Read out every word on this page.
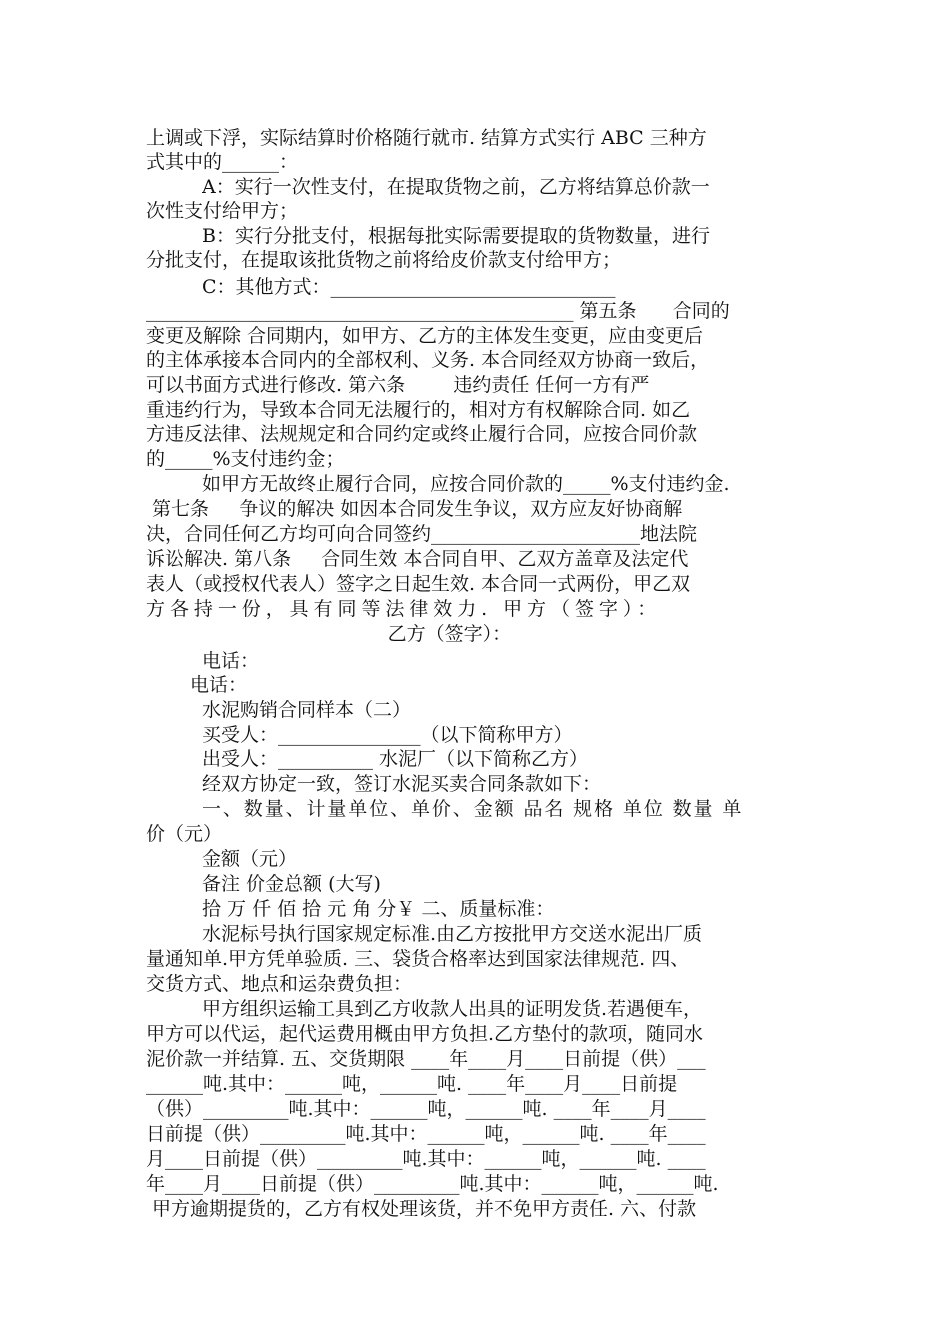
上调或下浮，实际结算时价格随行就市. 结算方式实行 ABC 三种方
式其中的______：
A：实行一次性支付，在提取货物之前，乙方将结算总价款一
次性支付给甲方；
B：实行分批支付，根据每批实际需要提取的货物数量，进行
分批支付，在提取该批货物之前将给皮价款支付给甲方；
C：其他方式：______________________________
_____________________________________________ 第五条      合同的
变更及解除 合同期内，如甲方、乙方的主体发生变更，应由变更后
的主体承接本合同内的全部权利、义务. 本合同经双方协商一致后，
可以书面方式进行修改. 第六条        违约责任 任何一方有严
重违约行为，导致本合同无法履行的，相对方有权解除合同. 如乙
方违反法律、法规规定和合同约定或终止履行合同，应按合同价款
的_____%支付违约金；
如甲方无故终止履行合同，应按合同价款的_____%支付违约金.
第七条     争议的解决 如因本合同发生争议，双方应友好协商解
决，合同任何乙方均可向合同签约______________________地法院
诉讼解决. 第八条     合同生效 本合同自甲、乙双方盖章及法定代
表人（或授权代表人）签字之日起生效. 本合同一式两份，甲乙双
方各持一份，具有同等法律效力. 甲方（签字）：
乙方（签字）：
电话：
电话：
水泥购销合同样本（二）
买受人：_______________（以下简称甲方）
出受人：__________ 水泥厂（以下简称乙方）
经双方协定一致，签订水泥买卖合同条款如下：
一、数量、计量单位、单价、金额 品名 规格 单位 数量 单
价（元）
金额（元）
备注 价金总额 (大写)
拾 万 仟 佰 拾 元 角 分￥ 二、质量标准：
水泥标号执行国家规定标准.由乙方按批甲方交送水泥出厂质
量通知单.甲方凭单验质. 三、袋货合格率达到国家法律规范. 四、
交货方式、地点和运杂费负担：
甲方组织运输工具到乙方收款人出具的证明发货.若遇便车，
甲方可以代运，起代运费用概由甲方负担.乙方垫付的款项，随同水
泥价款一并结算. 五、交货期限 ____年____月____日前提（供）___
______吨.其中：______吨，______吨. ____年____月____日前提
（供）_________吨.其中：______吨，______吨. ____年____月____
日前提（供）_________吨.其中：______吨，______吨. ____年____
月____日前提（供）_________吨.其中：______吨，______吨. ____
年____月____日前提（供）_________吨.其中：______吨，______吨.
甲方逾期提货的，乙方有权处理该货，并不免甲方责任. 六、付款
